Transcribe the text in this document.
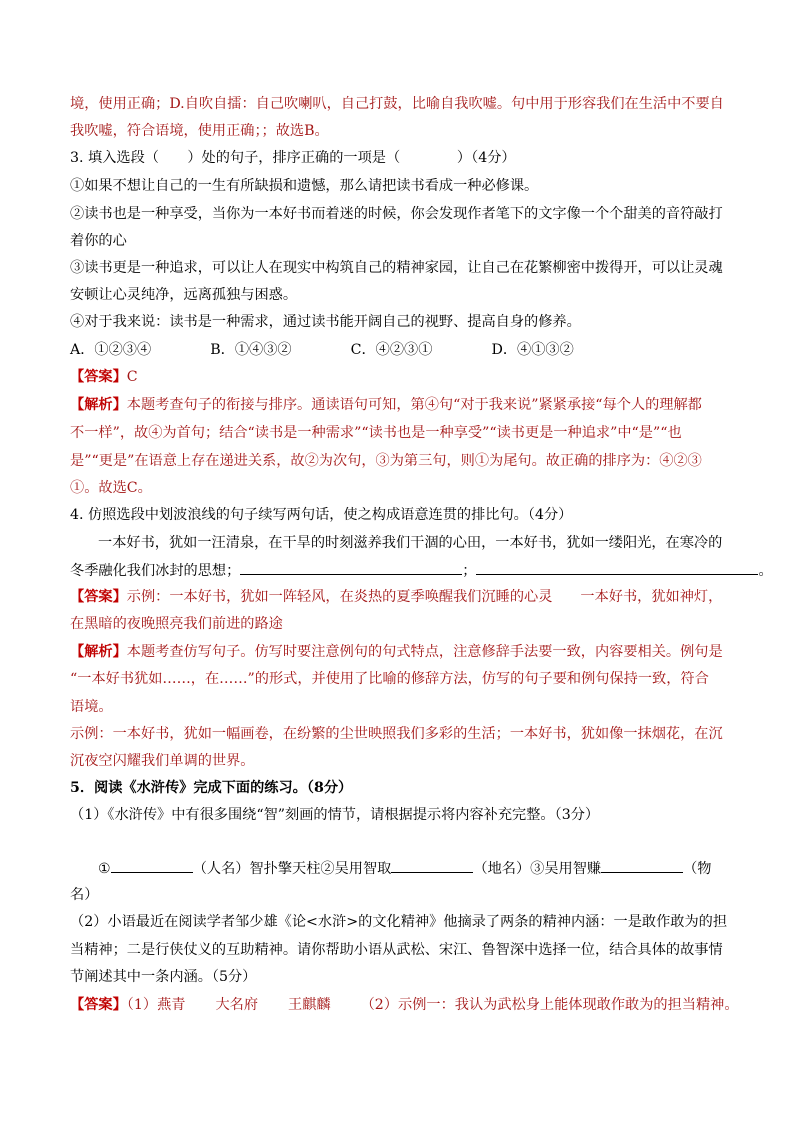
境，使用正确；D.自吹自擂：自己吹喇叭，自己打鼓，比喻自我吹嘘。句中用于形容我们在生活中不要自
我吹嘘，符合语境，使用正确；；故选B。
3. 填入选段（　　）处的句子，排序正确的一项是（　　　　）（4分）
①如果不想让自己的一生有所缺损和遗憾，那么请把读书看成一种必修课。
②读书也是一种享受，当你为一本好书而着迷的时候，你会发现作者笔下的文字像一个个甜美的音符敲打
着你的心
③读书更是一种追求，可以让人在现实中构筑自己的精神家园，让自己在花繁柳密中拨得开，可以让灵魂
安顿让心灵纯净，远离孤独与困惑。
④对于我来说：读书是一种需求，通过读书能开阔自己的视野、提高自身的修养。
A．①②③④	B．①④③②	C．④②③①	D．④①③②
【答案】C
【解析】本题考查句子的衔接与排序。通读语句可知，第④句“对于我来说”紧紧承接“每个人的理解都
不一样”，故④为首句；结合“读书是一种需求”“读书也是一种享受”“读书更是一种追求”中“是”“也
是”“更是”在语意上存在递进关系，故②为次句，③为第三句，则①为尾句。故正确的排序为：④②③
①。故选C。
4. 仿照选段中划波浪线的句子续写两句话，使之构成语意连贯的排比句。（4分）
一本好书，犹如一汪清泉，在干旱的时刻滋养我们干涸的心田，一本好书，犹如一缕阳光，在寒冷的
冬季融化我们冰封的思想；	；	。
【答案】示例：一本好书，犹如一阵轻风，在炎热的夏季唤醒我们沉睡的心灵 一本好书，犹如神灯，
在黑暗的夜晚照亮我们前进的路途
【解析】本题考查仿写句子。仿写时要注意例句的句式特点，注意修辞手法要一致，内容要相关。例句是
“一本好书犹如……，在……”的形式，并使用了比喻的修辞方法，仿写的句子要和例句保持一致，符合
语境。
示例：一本好书，犹如一幅画卷，在纷繁的尘世映照我们多彩的生活；一本好书，犹如像一抹烟花，在沉
沉夜空闪耀我们单调的世界。
5．阅读《水浒传》完成下面的练习。（8分）
（1）《水浒传》中有很多围绕“智”刻画的情节，请根据提示将内容补充完整。（3分）
①	（人名）智扑擎天柱②吴用智取	（地名）③吴用智赚	（物
名）
（2）小语最近在阅读学者邹少雄《论<水浒>的文化精神》他摘录了两条的精神内涵：一是敢作敢为的担
当精神；二是行侠仗义的互助精神。请你帮助小语从武松、宋江、鲁智深中选择一位，结合具体的故事情
节阐述其中一条内涵。（5分）
【答案】（1）燕青 大名府 王麒麟 （2）示例一：我认为武松身上能体现敢作敢为的担当精神。
